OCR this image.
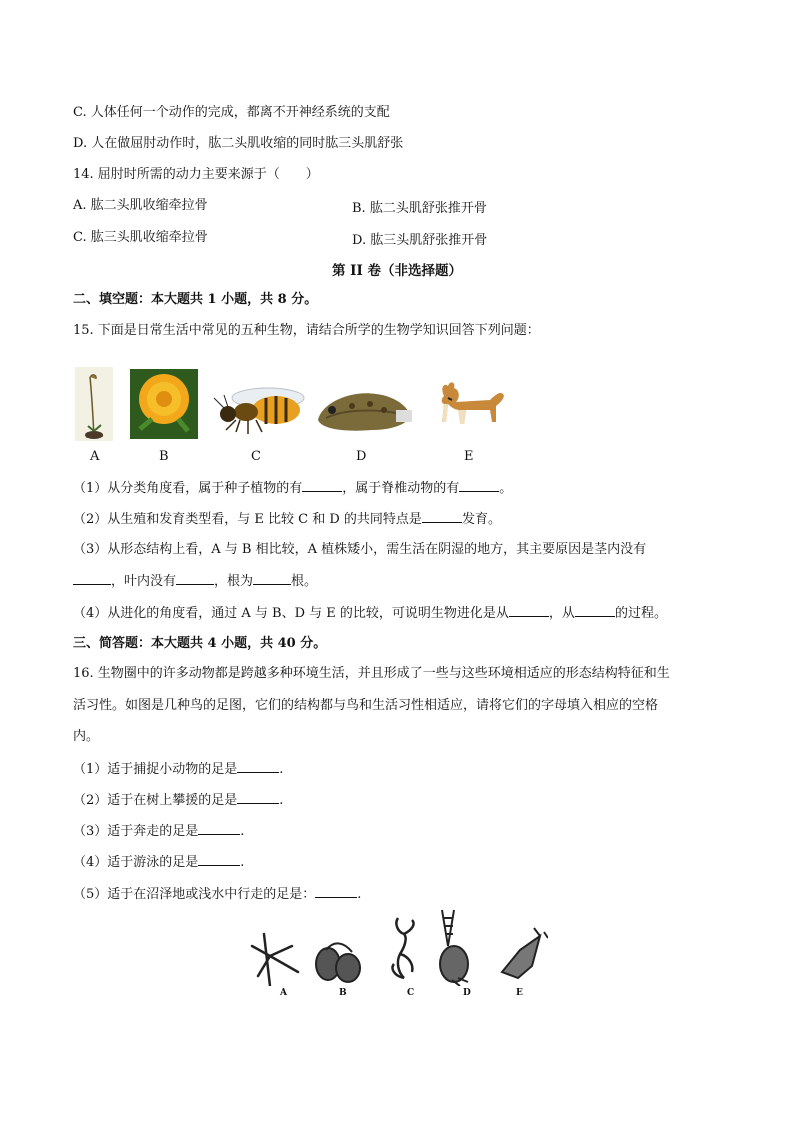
C. 人体任何一个动作的完成，都离不开神经系统的支配
D. 人在做屈肘动作时，肱二头肌收缩的同时肱三头肌舒张
14. 屈肘时所需的动力主要来源于（　　）
A. 肱二头肌收缩牵拉骨	B. 肱二头肌舒张推开骨
C. 肱三头肌收缩牵拉骨	D. 肱三头肌舒张推开骨
第 II 卷（非选择题）
二、填空题：本大题共 1 小题，共 8 分。
15. 下面是日常生活中常见的五种生物，请结合所学的生物学知识回答下列问题：
A	B	C	D	E
（1）从分类角度看，属于种子植物的有	，属于脊椎动物的有	。
（2）从生殖和发育类型看，与 E 比较 C 和 D 的共同特点是	发育。
（3）从形态结构上看，A 与 B 相比较，A 植株矮小，需生活在阴湿的地方，其主要原因是茎内没有
，叶内没有	，根为	根。
（4）从进化的角度看，通过 A 与 B、D 与 E 的比较，可说明生物进化是从	，从	的过程。
三、简答题：本大题共 4 小题，共 40 分。
16. 生物圈中的许多动物都是跨越多种环境生活，并且形成了一些与这些环境相适应的形态结构特征和生
活习性。如图是几种鸟的足图，它们的结构都与鸟和生活习性相适应，请将它们的字母填入相应的空格
内。
（1）适于捕捉小动物的足是	.
（2）适于在树上攀援的足是	.
（3）适于奔走的足是	.
（4）适于游泳的足是	.
（5）适于在沼泽地或浅水中行走的足是：	.
A	B	C	D	E
